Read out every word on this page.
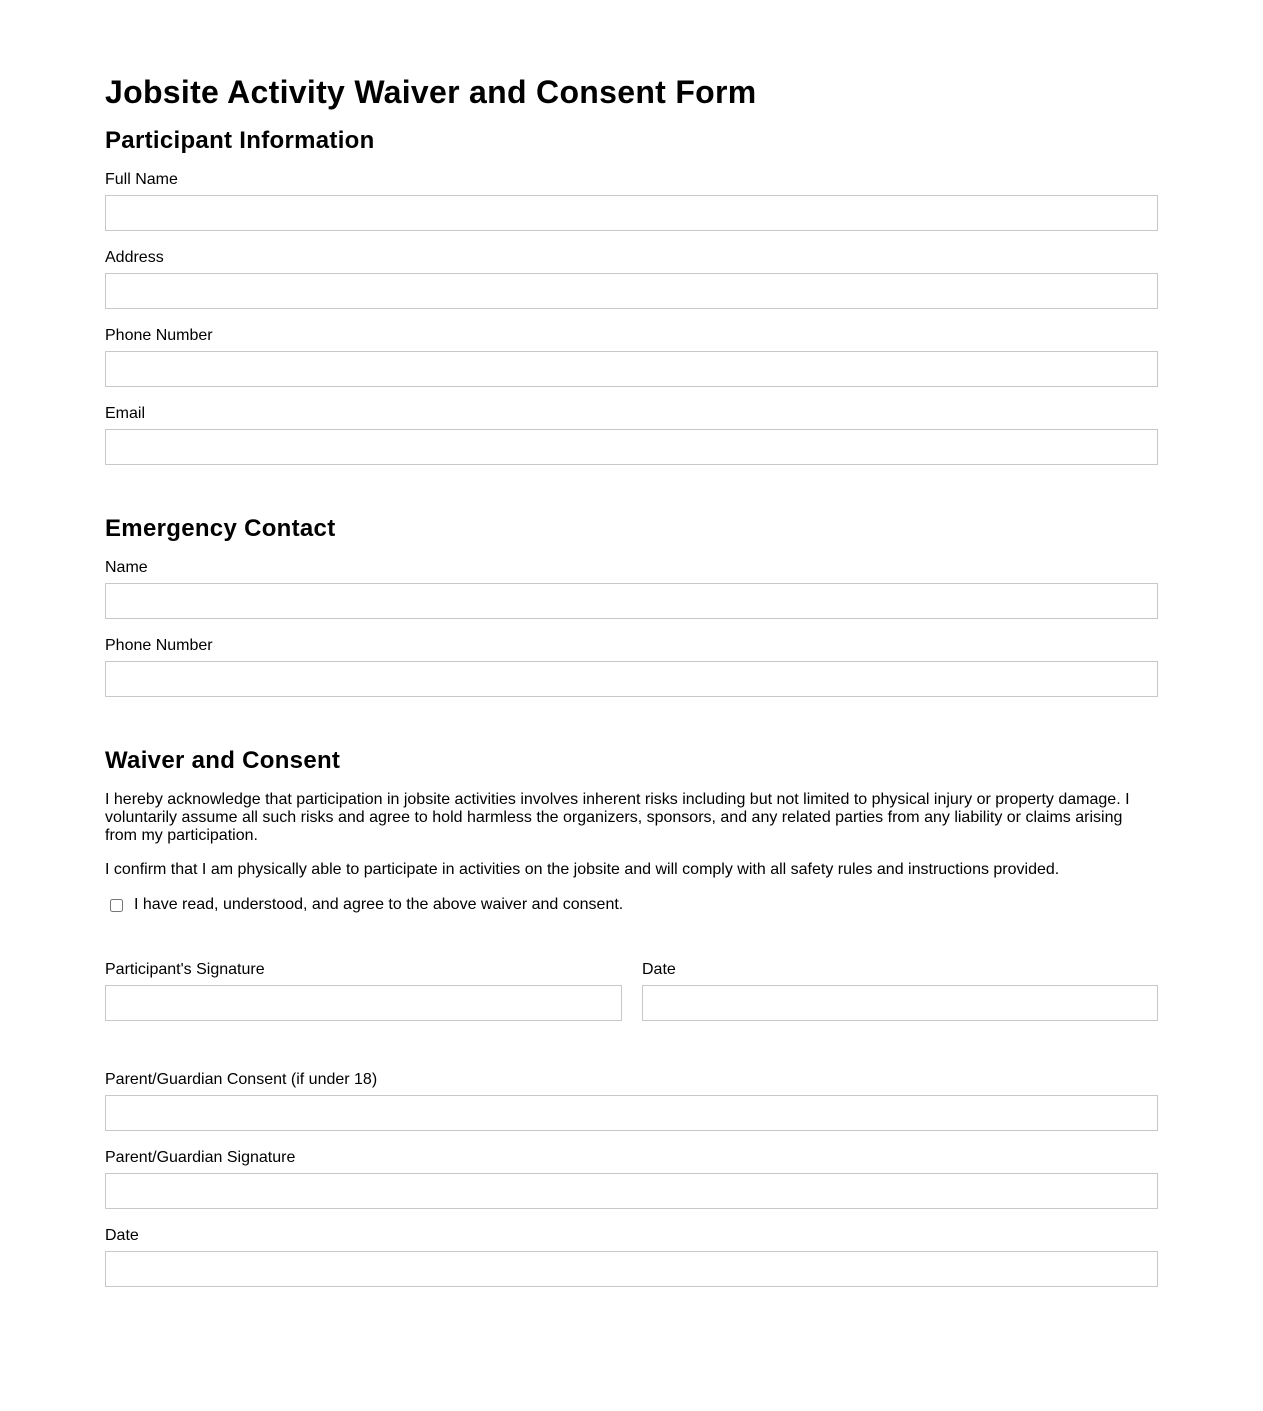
Jobsite Activity Waiver and Consent Form
Participant Information
Full Name
Address
Phone Number
Email
Emergency Contact
Name
Phone Number
Waiver and Consent

I hereby acknowledge that participation in jobsite activities involves inherent risks including but not limited to physical injury or property damage. I voluntarily assume all such risks and agree to hold harmless the organizers, sponsors, and any related parties from any liability or claims arising from my participation.

I confirm that I am physically able to participate in activities on the jobsite and will comply with all safety rules and instructions provided.

I have read, understood, and agree to the above waiver and consent.
Participant's Signature	Date
Parent/Guardian Consent (if under 18)
Parent/Guardian Signature
Date
